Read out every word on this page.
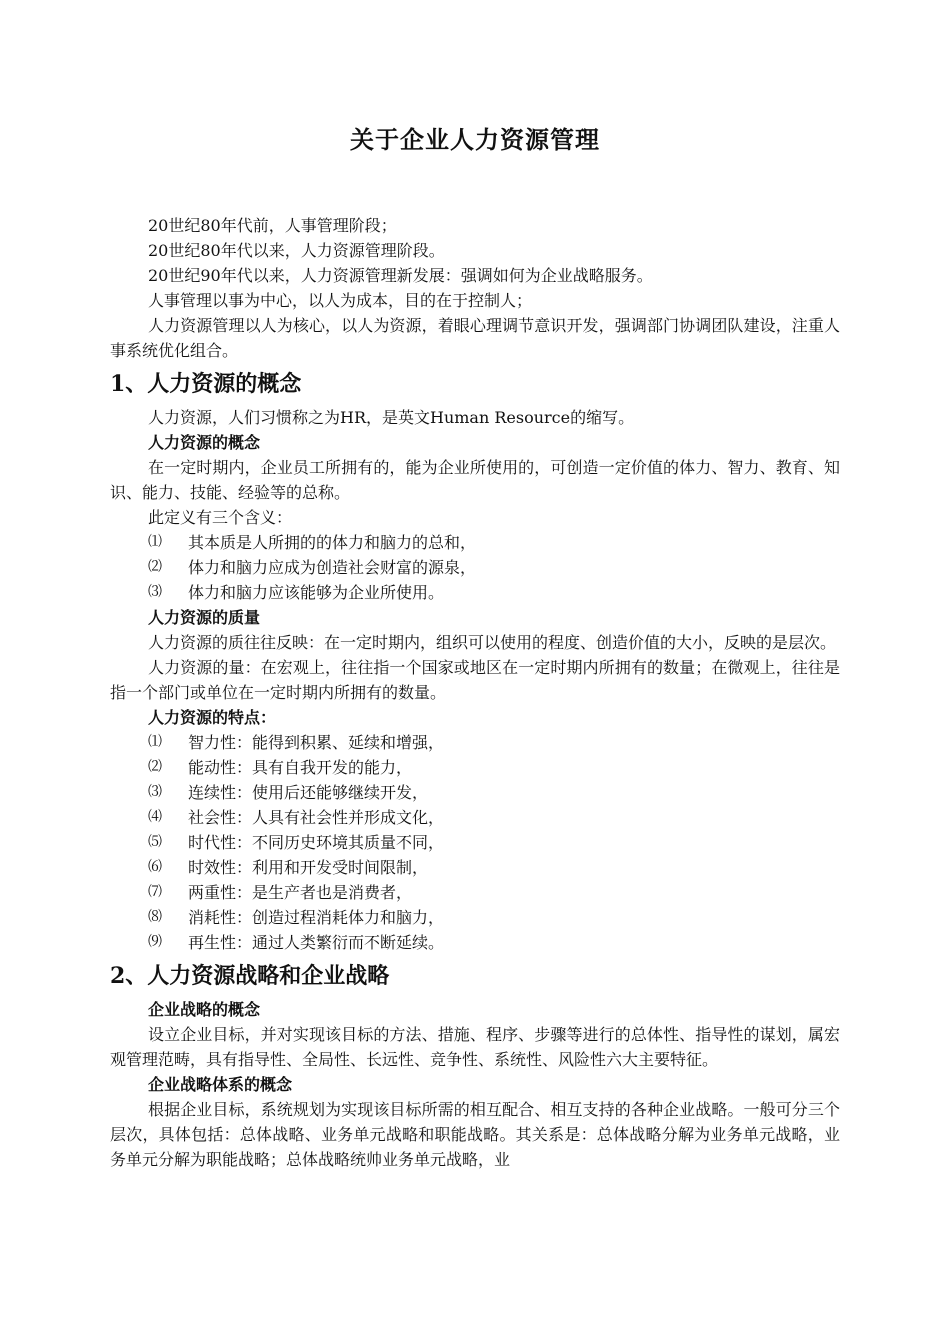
关于企业人力资源管理

20世纪80年代前，人事管理阶段；

20世纪80年代以来，人力资源管理阶段。

20世纪90年代以来，人力资源管理新发展：强调如何为企业战略服务。

人事管理以事为中心，以人为成本，目的在于控制人；

人力资源管理以人为核心，以人为资源，着眼心理调节意识开发，强调部门协调团队建设，注重人事系统优化组合。

1、人力资源的概念

人力资源，人们习惯称之为HR，是英文Human Resource的缩写。

人力资源的概念

在一定时期内，企业员工所拥有的，能为企业所使用的，可创造一定价值的体力、智力、教育、知识、能力、技能、经验等的总称。

此定义有三个含义：

⑴	其本质是人所拥的的体力和脑力的总和，
⑵	体力和脑力应成为创造社会财富的源泉，
⑶	体力和脑力应该能够为企业所使用。

人力资源的质量

人力资源的质往往反映：在一定时期内，组织可以使用的程度、创造价值的大小，反映的是层次。

人力资源的量：在宏观上，往往指一个国家或地区在一定时期内所拥有的数量；在微观上，往往是指一个部门或单位在一定时期内所拥有的数量。

人力资源的特点：

⑴	智力性：能得到积累、延续和增强，
⑵	能动性：具有自我开发的能力，
⑶	连续性：使用后还能够继续开发，
⑷	社会性：人具有社会性并形成文化，
⑸	时代性：不同历史环境其质量不同，
⑹	时效性：利用和开发受时间限制，
⑺	两重性：是生产者也是消费者，
⑻	消耗性：创造过程消耗体力和脑力，
⑼	再生性：通过人类繁衍而不断延续。
2、人力资源战略和企业战略

企业战略的概念

设立企业目标，并对实现该目标的方法、措施、程序、步骤等进行的总体性、指导性的谋划，属宏观管理范畴，具有指导性、全局性、长远性、竞争性、系统性、风险性六大主要特征。

企业战略体系的概念

根据企业目标，系统规划为实现该目标所需的相互配合、相互支持的各种企业战略。一般可分三个层次，具体包括：总体战略、业务单元战略和职能战略。其关系是：总体战略分解为业务单元战略，业务单元分解为职能战略；总体战略统帅业务单元战略，业
